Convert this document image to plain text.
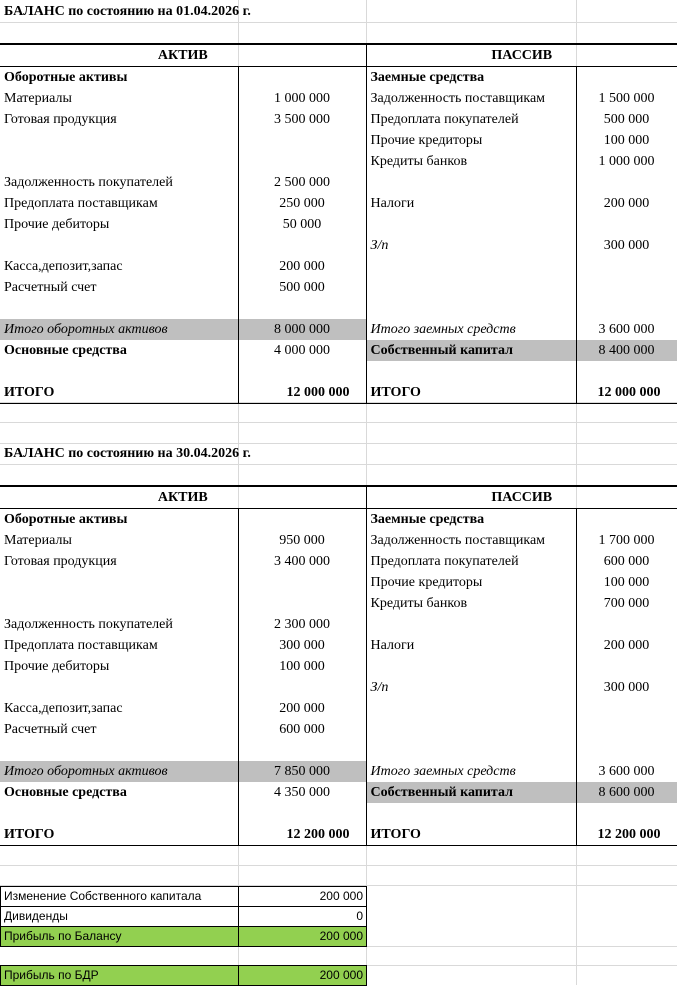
БАЛАНС по состоянию на 01.04.2026 г.
АКТИВ		ПАССИВ	
Оборотные активы		Заемные средства	
Материалы	1 000 000	Задолженность поставщикам	1 500 000
Готовая продукция	3 500 000	Предоплата покупателей	500 000
		Прочие кредиторы	100 000
		Кредиты банков	1 000 000
Задолженность покупателей	2 500 000		
Предоплата поставщикам	250 000	Налоги	200 000
Прочие дебиторы	50 000		
		З/п	300 000
Касса,депозит,запас	200 000		
Расчетный счет	500 000		

Итого оборотных активов	8 000 000	Итого заемных средств	3 600 000
Основные средства	4 000 000	Собственный капитал	8 400 000

ИТОГО	12 000 000	ИТОГО	12 000 000
БАЛАНС по состоянию на 30.04.2026 г.
АКТИВ		ПАССИВ	
Оборотные активы		Заемные средства	
Материалы	950 000	Задолженность поставщикам	1 700 000
Готовая продукция	3 400 000	Предоплата покупателей	600 000
		Прочие кредиторы	100 000
		Кредиты банков	700 000
Задолженность покупателей	2 300 000		
Предоплата поставщикам	300 000	Налоги	200 000
Прочие дебиторы	100 000		
		З/п	300 000
Касса,депозит,запас	200 000		
Расчетный счет	600 000		

Итого оборотных активов	7 850 000	Итого заемных средств	3 600 000
Основные средства	4 350 000	Собственный капитал	8 600 000

ИТОГО	12 200 000	ИТОГО	12 200 000
Изменение Собственного капитала	200 000
Дивиденды	0
Прибыль по Балансу	200 000
Прибыль по БДР	200 000
